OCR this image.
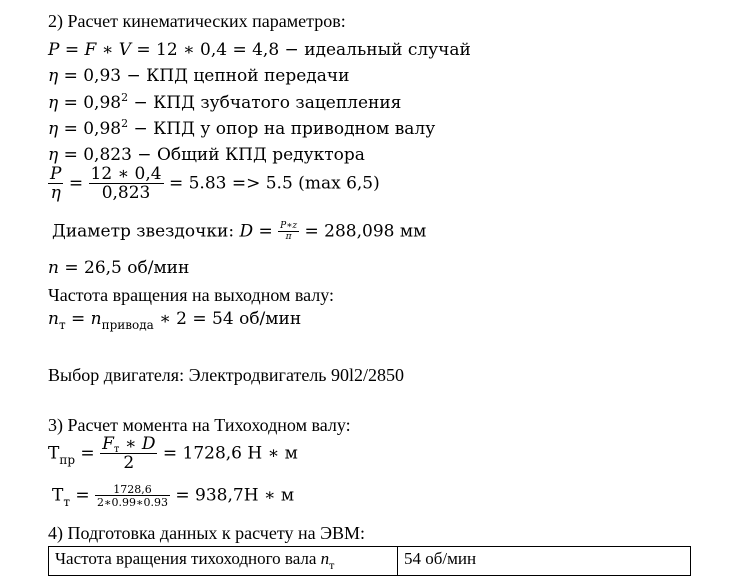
2) Расчет кинематических параметров:
P = F ∗ V = 12 ∗ 0,4 = 4,8 − идеальный случай
η = 0,93 − КПД цепной передачи
$\eta = 0,98^2$ − КПД зубчатого зацепления
$\eta = 0,98^2$ − КПД у опор на приводном валу
η = 0,823 − Общий КПД редуктора
$\frac{P}{\eta} = \frac{12 ∗ 0,4}{0,823} = 5.83 => 5.5$ (max 6,5)
Диаметр звездочки: $D = \frac{P∗z}{\pi} = 288,098$ мм
n = 26,5 об/мин
Частота вращения на выходном валу:
$n_т = n_{привода}$ ∗ 2 = 54 об/мин
Выбор двигателя: Электродвигатель 90l2/2850
3) Расчет момента на Тихоходном валу:
$T_{пр} = \frac{Fт ∗ D}{2} = 1728,6$ Н ∗ м
$T_т = \frac{1728,6}{2∗0.99∗0.93} = 938,7Н$ ∗ м
4) Подготовка данных к расчету на ЭВМ:
Частота вращения тихоходного вала $n_т$	54 об/мин
